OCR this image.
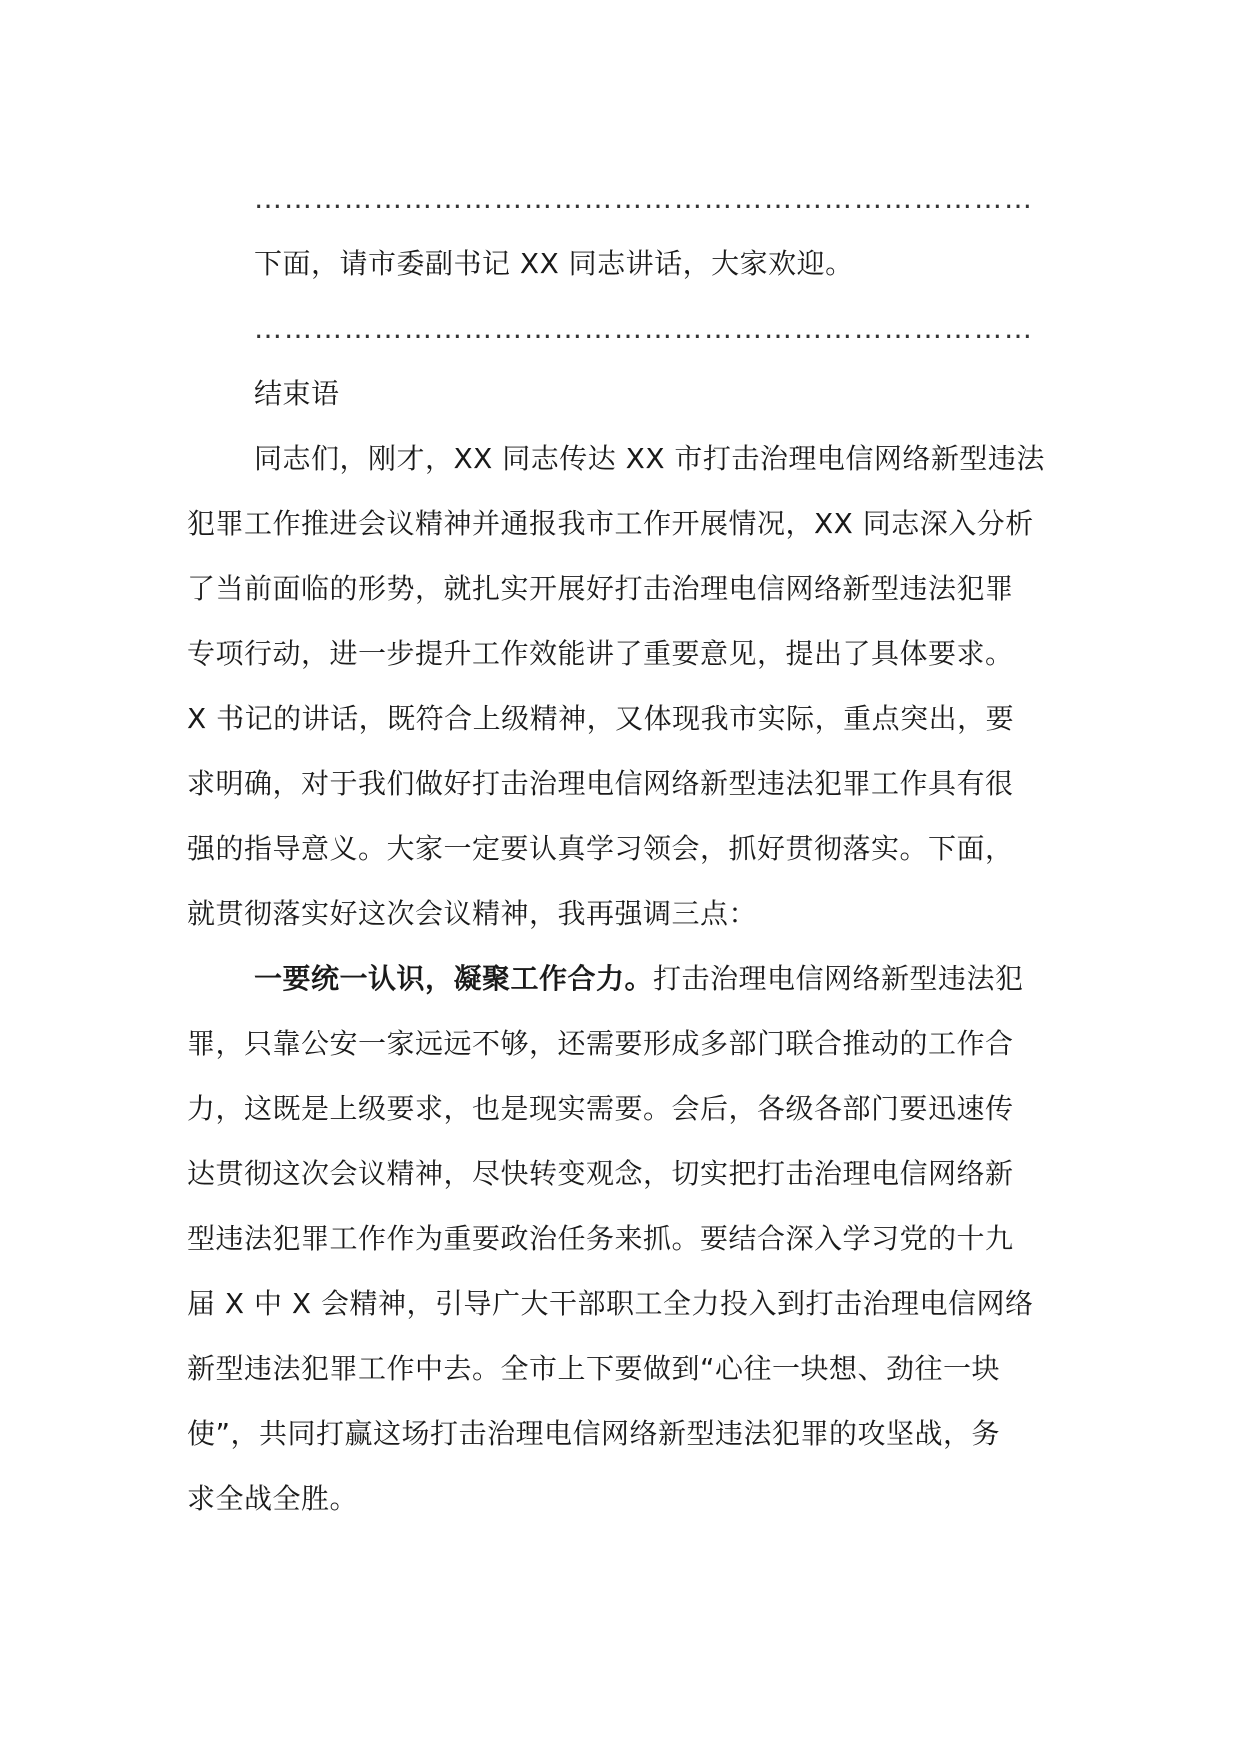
……………………………………………………………………
下面，请市委副书记 XX 同志讲话，大家欢迎。
……………………………………………………………………
结束语
同志们，刚才，XX 同志传达 XX 市打击治理电信网络新型违法
犯罪工作推进会议精神并通报我市工作开展情况，XX 同志深入分析
了当前面临的形势，就扎实开展好打击治理电信网络新型违法犯罪
专项行动，进一步提升工作效能讲了重要意见，提出了具体要求。
X 书记的讲话，既符合上级精神，又体现我市实际，重点突出，要
求明确，对于我们做好打击治理电信网络新型违法犯罪工作具有很
强的指导意义。大家一定要认真学习领会，抓好贯彻落实。下面，
就贯彻落实好这次会议精神，我再强调三点：
一要统一认识，凝聚工作合力。打击治理电信网络新型违法犯
罪，只靠公安一家远远不够，还需要形成多部门联合推动的工作合
力，这既是上级要求，也是现实需要。会后，各级各部门要迅速传
达贯彻这次会议精神，尽快转变观念，切实把打击治理电信网络新
型违法犯罪工作作为重要政治任务来抓。要结合深入学习党的十九
届 X 中 X 会精神，引导广大干部职工全力投入到打击治理电信网络
新型违法犯罪工作中去。全市上下要做到“心往一块想、劲往一块
使”，共同打赢这场打击治理电信网络新型违法犯罪的攻坚战，务
求全战全胜。
